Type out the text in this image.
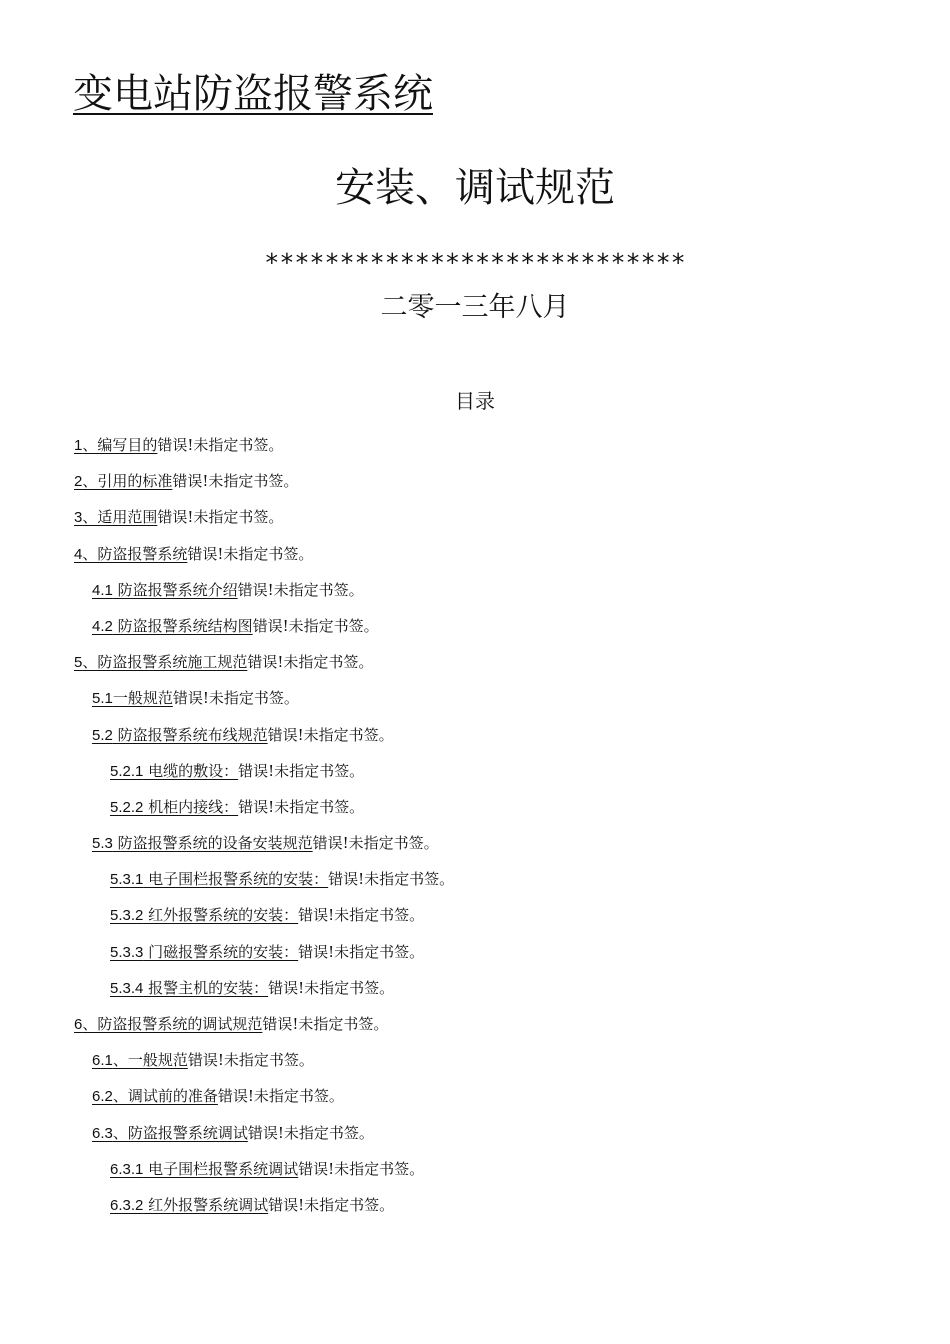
变电站防盗报警系统
安装、调试规范
****************************
二零一三年八月
目录
1、编写目的错误!未指定书签。
2、引用的标准错误!未指定书签。
3、适用范围错误!未指定书签。
4、防盗报警系统错误!未指定书签。
4.1 防盗报警系统介绍错误!未指定书签。
4.2 防盗报警系统结构图错误!未指定书签。
5、防盗报警系统施工规范错误!未指定书签。
5.1一般规范错误!未指定书签。
5.2 防盗报警系统布线规范错误!未指定书签。
5.2.1 电缆的敷设：错误!未指定书签。
5.2.2 机柜内接线：错误!未指定书签。
5.3 防盗报警系统的设备安装规范错误!未指定书签。
5.3.1 电子围栏报警系统的安装：错误!未指定书签。
5.3.2 红外报警系统的安装：错误!未指定书签。
5.3.3 门磁报警系统的安装：错误!未指定书签。
5.3.4 报警主机的安装：错误!未指定书签。
6、防盗报警系统的调试规范错误!未指定书签。
6.1、一般规范错误!未指定书签。
6.2、调试前的准备错误!未指定书签。
6.3、防盗报警系统调试错误!未指定书签。
6.3.1 电子围栏报警系统调试错误!未指定书签。
6.3.2 红外报警系统调试错误!未指定书签。
